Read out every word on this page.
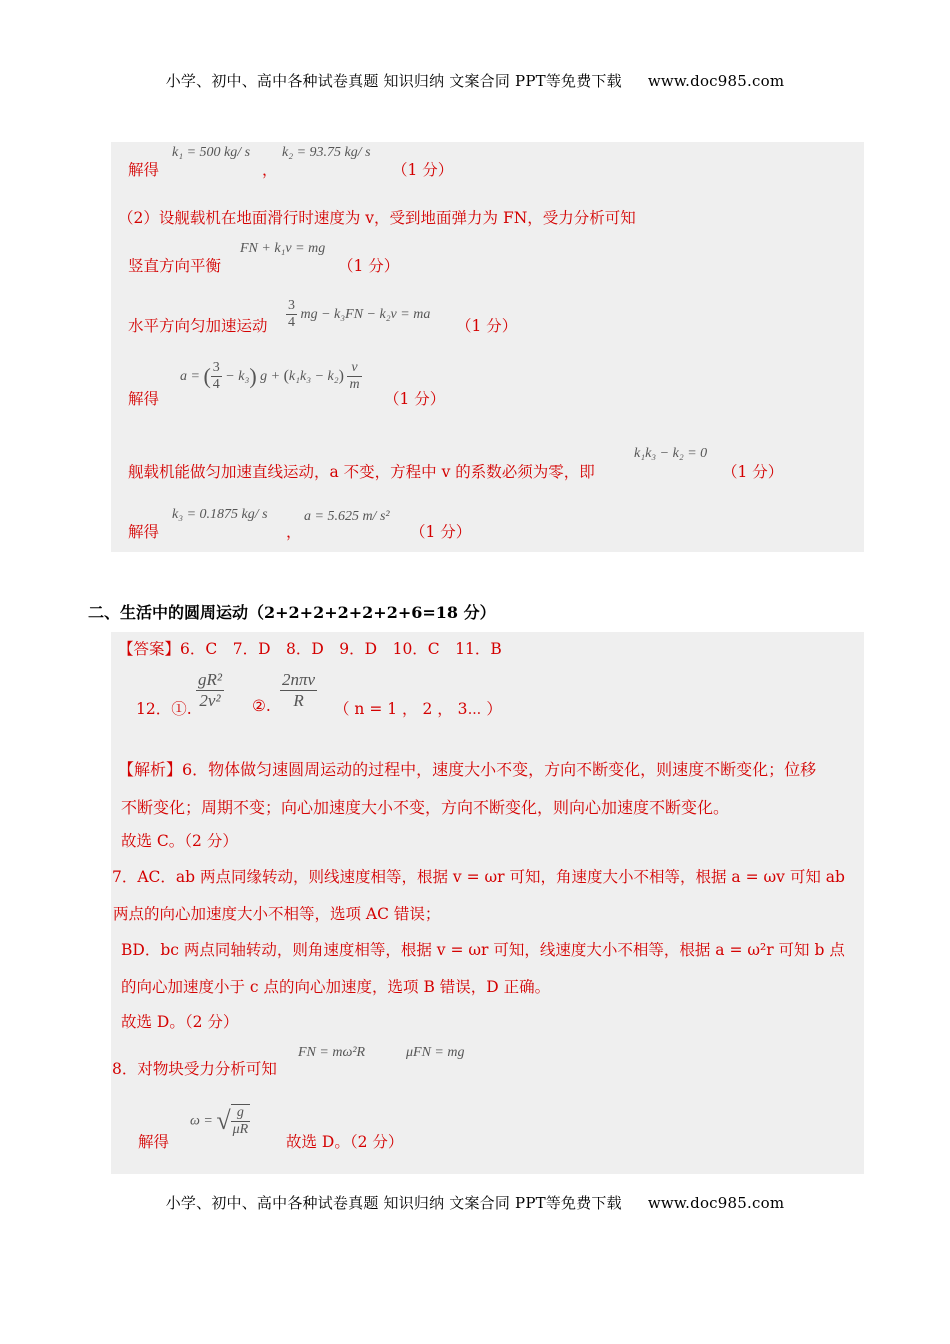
小学、初中、高中各种试卷真题 知识归纳 文案合同 PPT等免费下载 www.doc985.com
解得
k₁ = 500 kg/ s
，
k₂ = 93.75 kg/ s
（1 分）
（2）设舰载机在地面滑行时速度为 v，受到地面弹力为 FN，受力分析可知
竖直方向平衡
FN + k₁v = mg
（1 分）
水平方向匀加速运动 $\frac{3}{4}$ mg − k₃FN − k₂v = ma
（1 分）
解得
a = ( $\frac{3}{4} - k_3$) $g + (k_1k_3 - k_2) \frac{v}{m}$
（1 分）
舰载机能做匀加速直线运动，a 不变，方程中 v 的系数必须为零，即
k₁k₃ − k₂ = 0
（1 分）
解得
k₃ = 0.1875 kg/ s
，
a = 5.625 m/ s²
（1 分）
二、生活中的圆周运动（2+2+2+2+2+2+6=18 分）
【答案】6．C　7．D　8．D　9．D　10．C　11．B
12．①. $\frac{\text{gR²}}{\text{2v²}}$ ②. $\frac{\text{2nπv}}{R}$ （ n = 1 ， 2 ， 3⋯ ）
【解析】6．物体做匀速圆周运动的过程中，速度大小不变，方向不断变化，则速度不断变化；位移
不断变化；周期不变；向心加速度大小不变，方向不断变化，则向心加速度不断变化。
故选 C。（2 分）
7．AC．ab 两点同缘转动，则线速度相等，根据 v = ωr 可知，角速度大小不相等，根据 a = ωv 可知 ab
两点的向心加速度大小不相等，选项 AC 错误；
BD．bc 两点同轴转动，则角速度相等，根据 v = ωr 可知，线速度大小不相等，根据 a = ω²r 可知 b 点
的向心加速度小于 c 点的向心加速度，选项 B 错误，D 正确。
故选 D。（2 分）
8．对物块受力分析可知
FN = mω²R	μFN = mg
解得
ω = √ $\frac{g}{\mu R}$
故选 D。（2 分）
小学、初中、高中各种试卷真题 知识归纳 文案合同 PPT等免费下载 www.doc985.com
